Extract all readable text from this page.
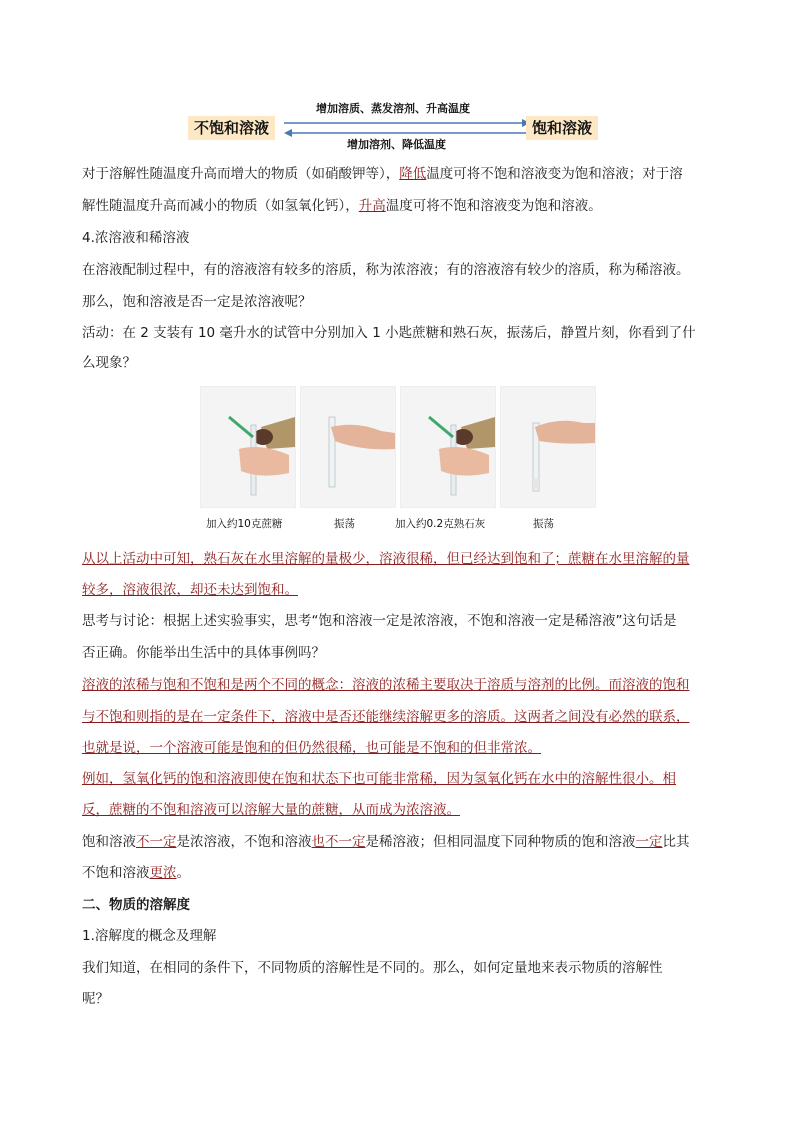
不饱和溶液	饱和溶液
增加溶质、蒸发溶剂、升高温度
增加溶剂、降低温度
对于溶解性随温度升高而增大的物质（如硝酸钾等），降低温度可将不饱和溶液变为饱和溶液；对于溶
解性随温度升高而减小的物质（如氢氧化钙），升高温度可将不饱和溶液变为饱和溶液。
4.浓溶液和稀溶液
在溶液配制过程中，有的溶液溶有较多的溶质，称为浓溶液；有的溶液溶有较少的溶质，称为稀溶液。
那么，饱和溶液是否一定是浓溶液呢？
活动：在 2 支装有 10 毫升水的试管中分别加入 1 小匙蔗糖和熟石灰，振荡后，静置片刻，你看到了什
么现象？
加入约10克蔗糖	振荡	加入约0.2克熟石灰	振荡
从以上活动中可知，熟石灰在水里溶解的量极少，溶液很稀，但已经达到饱和了；蔗糖在水里溶解的量
较多，溶液很浓，却还未达到饱和。
思考与讨论：根据上述实验事实，思考“饱和溶液一定是浓溶液，不饱和溶液一定是稀溶液”这句话是
否正确。你能举出生活中的具体事例吗？
溶液的浓稀与饱和不饱和是两个不同的概念：溶液的浓稀主要取决于溶质与溶剂的比例。而溶液的饱和
与不饱和则指的是在一定条件下，溶液中是否还能继续溶解更多的溶质。这两者之间没有必然的联系，
也就是说，一个溶液可能是饱和的但仍然很稀，也可能是不饱和的但非常浓。
例如，氢氧化钙的饱和溶液即使在饱和状态下也可能非常稀，因为氢氧化钙在水中的溶解性很小。相
反，蔗糖的不饱和溶液可以溶解大量的蔗糖，从而成为浓溶液。
饱和溶液不一定是浓溶液，不饱和溶液也不一定是稀溶液；但相同温度下同种物质的饱和溶液一定比其
不饱和溶液更浓。
二、物质的溶解度
1.溶解度的概念及理解
我们知道，在相同的条件下，不同物质的溶解性是不同的。那么，如何定量地来表示物质的溶解性
呢？
